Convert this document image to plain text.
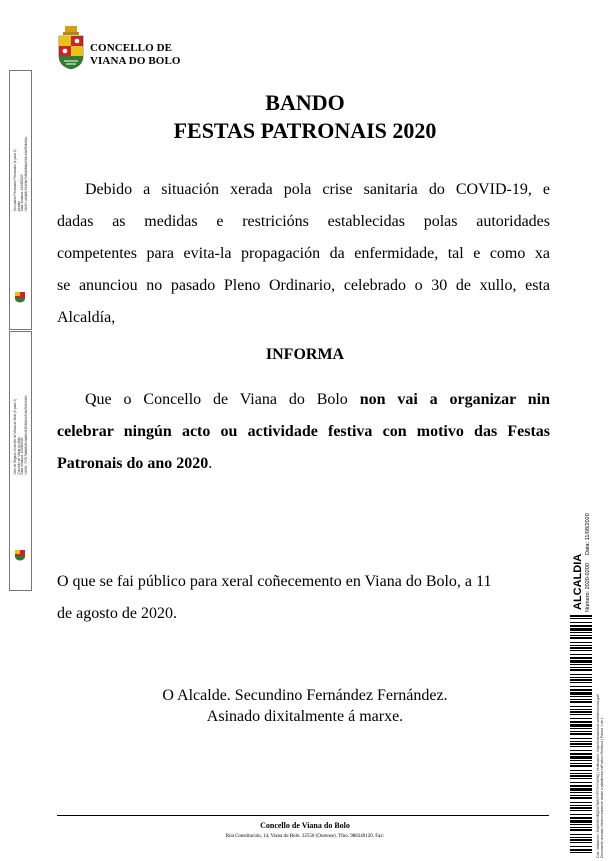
CONCELLO DE
VIANA DO BOLO
BANDO
FESTAS PATRONAIS 2020
Debido a situación xerada pola crise sanitaria do COVID-19, e
dadas as medidas e restricións establecidas polas autoridades
competentes para evita-la propagación da enfermidade, tal e como xa
se anunciou no pasado Pleno Ordinario, celebrado o 30 de xullo, esta
Alcaldía,
INFORMA
Que o Concello de Viana do Bolo non vai a organizar nin
celebrar ningún acto ou actividade festiva con motivo das Festas
Patronais do ano 2020.
O que se fai público para xeral coñecemento en Viana do Bolo, a 11
de agosto de 2020.
O Alcalde. Secundino Fernández Fernández.
Asinado dixitalmente á marxe.
Concello de Viana do Bolo
Rúa Constitución, 14, Viana do Bolo. 32550 (Ourense). Tfno. 988340120. Fax:
Secundino Fernández Fernández (1 para 2) Alcalde Data Sinatura: 11/08/2020 HASH: a2dd8c7d1e6a7e8b1d6abb2b1cb4d3fd1b0dc
Selo de Órgano Concello de Viana do Bolo (2 para 2) Concello de Viana do Bolo Data Sinatura: 11/08/2020 HASH: 7e7b7fa8a8b8c9dd0ec81f2b2d4e5c6a7b8c9d0e
ALCALDIA Número: 2020-0200
Data: 11/08/2020
Cod. Validación: 3NAXWLNEQJ1CN6N7YPT7VYXHSQ | Verificación: https://vianadobolo.sedelectronica.gal/ Documento asinado electronicamente desde a plataforma esPublico Gestiona | Páxina 1 de 1
